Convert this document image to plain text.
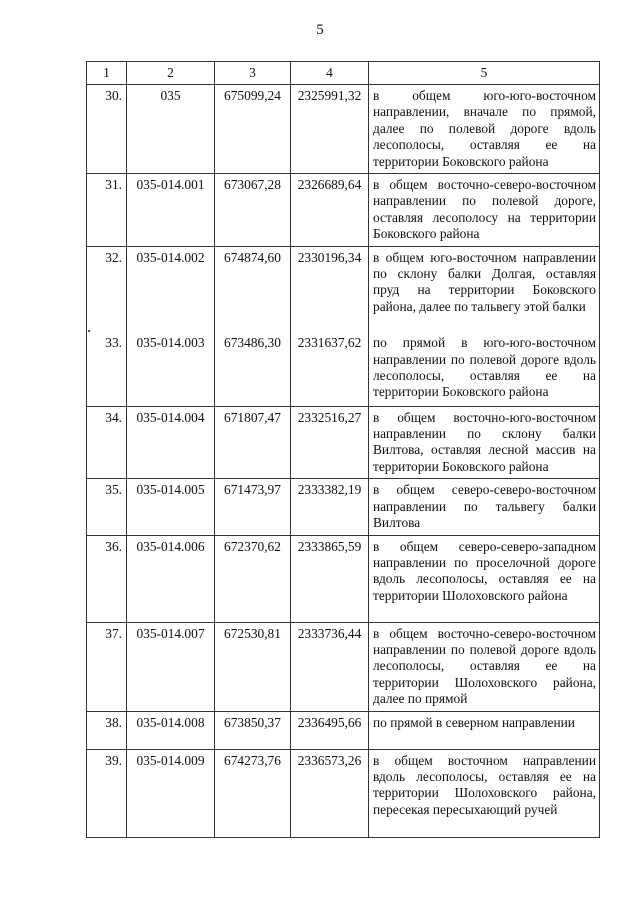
5
1	2	3	4	5
30.	035	675099,24	2325991,32	в общем юго-юго-восточном направлении, вначале по прямой, далее по полевой дороге вдоль лесополосы, оставляя ее на территории Боковского района
31.	035-014.001	673067,28	2326689,64	в общем восточно-северо-восточном направлении по полевой дороге, оставляя лесополосу на территории Боковского района
32.	035-014.002	674874,60	2330196,34	в общем юго-восточном направлении по склону балки Долгая, оставляя пруд на территории Боковского района, далее по тальвегу этой балки
33.	035-014.003	673486,30	2331637,62	по прямой в юго-юго-восточном направлении по полевой дороге вдоль лесополосы, оставляя ее на территории Боковского района
34.	035-014.004	671807,47	2332516,27	в общем восточно-юго-восточном направлении по склону балки Вилтова, оставляя лесной массив на территории Боковского района
35.	035-014.005	671473,97	2333382,19	в общем северо-северо-восточном направлении по тальвегу балки Вилтова
36.	035-014.006	672370,62	2333865,59	в общем северо-северо-западном направлении по проселочной дороге вдоль лесополосы, оставляя ее на территории Шолоховского района
37.	035-014.007	672530,81	2333736,44	в общем восточно-северо-восточном направлении по полевой дороге вдоль лесополосы, оставляя ее на территории Шолоховского района, далее по прямой
38.	035-014.008	673850,37	2336495,66	по прямой в северном направлении
39.	035-014.009	674273,76	2336573,26	в общем восточном направлении вдоль лесополосы, оставляя ее на территории Шолоховского района, пересекая пересыхающий ручей
